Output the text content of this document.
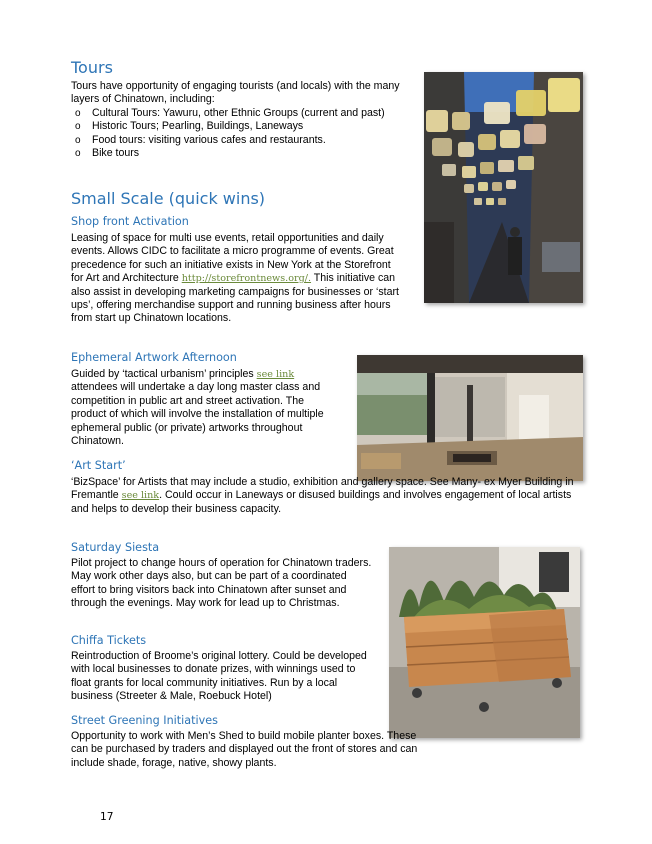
Tours
Tours have opportunity of engaging tourists (and locals) with the many layers of Chinatown, including:
o Cultural Tours: Yawuru, other Ethnic Groups (current and past)
o Historic Tours; Pearling, Buildings, Laneways
o Food tours: visiting various cafes and restaurants.
o Bike tours
Small Scale (quick wins)
Shop front Activation
Leasing of space for multi use events, retail opportunities and daily events. Allows CIDC to facilitate a micro programme of events. Great precedence for such an initiative exists in New York at the Storefront for Art and Architecture http://storefrontnews.org/. This initiative can also assist in developing marketing campaigns for businesses or ‘start ups’, offering merchandise support and running business after hours from start up Chinatown locations.
Ephemeral Artwork Afternoon
Guided by ‘tactical urbanism’ principles see link attendees will undertake a day long master class and competition in public art and street activation. The product of which will involve the installation of multiple ephemeral public (or private) artworks throughout Chinatown.
‘Art Start’
‘BizSpace’ for Artists that may include a studio, exhibition and gallery space. See Many- ex Myer Building in Fremantle see link. Could occur in Laneways or disused buildings and involves engagement of local artists and helps to develop their business capacity.
Saturday Siesta
Pilot project to change hours of operation for Chinatown traders. May work other days also, but can be part of a coordinated effort to bring visitors back into Chinatown after sunset and through the evenings. May work for lead up to Christmas.
Chiffa Tickets
Reintroduction of Broome’s original lottery. Could be developed with local businesses to donate prizes, with winnings used to float grants for local community initiatives. Run by a local business (Streeter & Male, Roebuck Hotel)
Street Greening Initiatives
Opportunity to work with Men’s Shed to build mobile planter boxes. These can be purchased by traders and displayed out the front of stores and can include shade, forage, native, showy plants.
17
